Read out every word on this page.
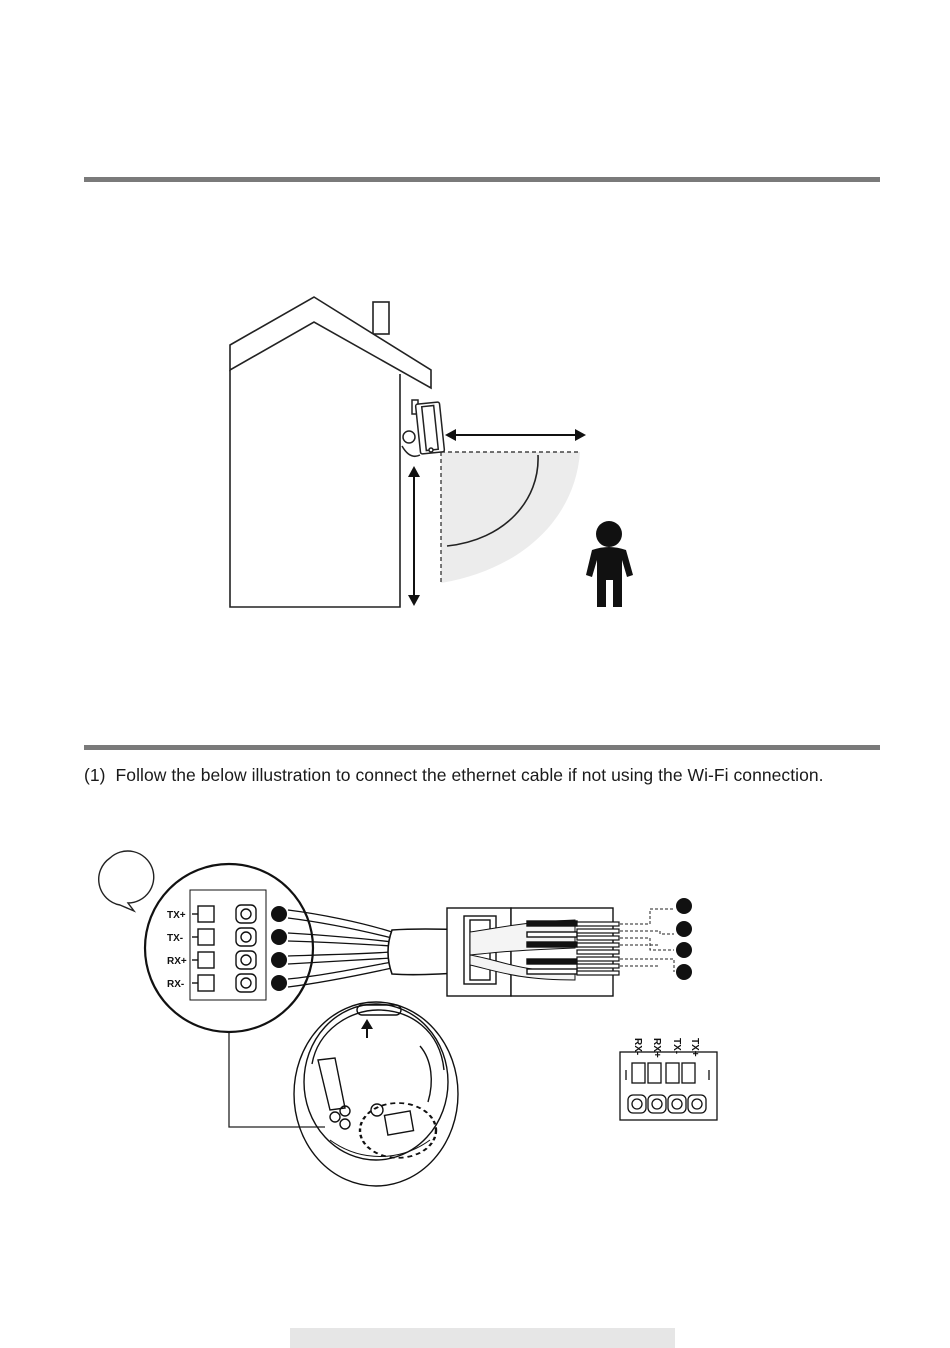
(1) Follow the below illustration to connect the ethernet cable if not using the Wi-Fi connection.
TX+
TX-
RX+
RX-
RX- RX+ TX- TX+
